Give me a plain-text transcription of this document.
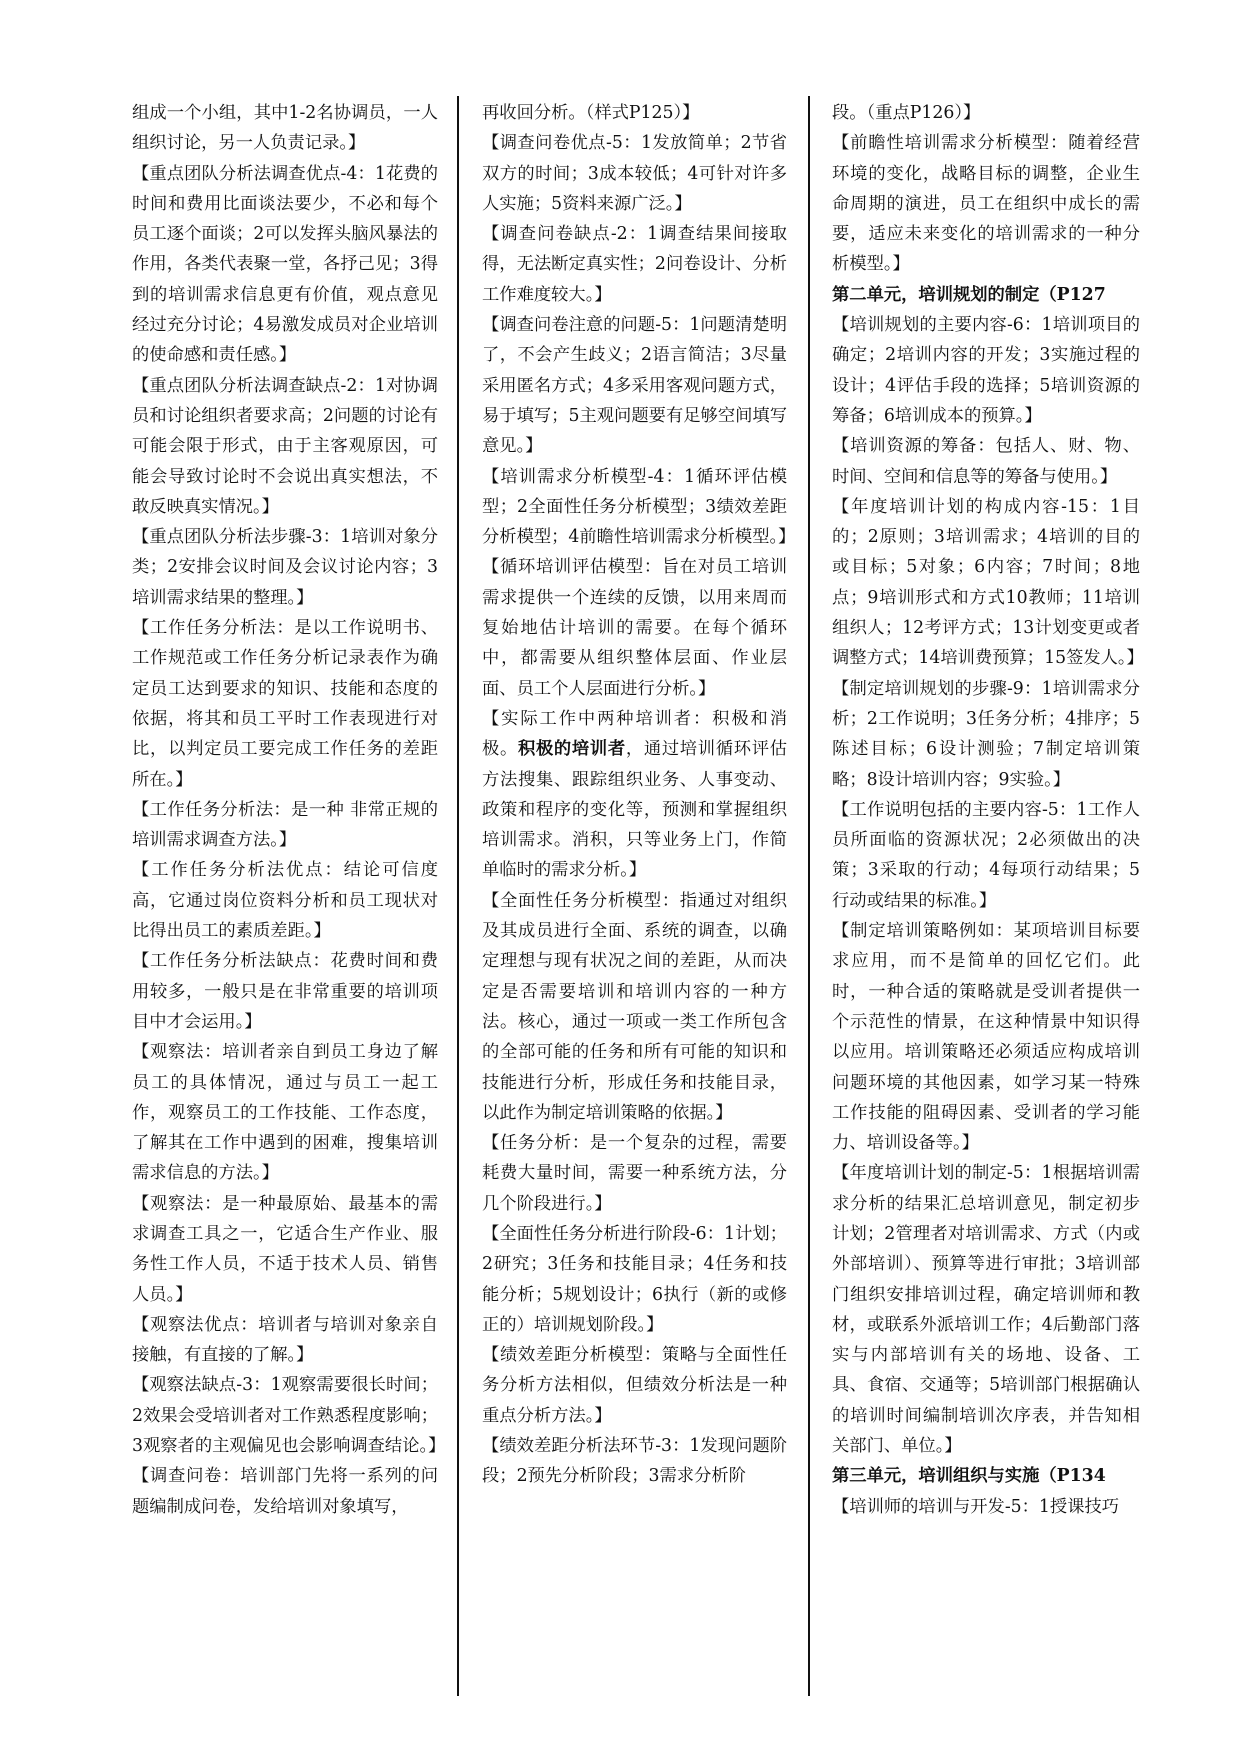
组成一个小组，其中1-2名协调员，一人组织讨论，另一人负责记录。】

【重点团队分析法调查优点-4：1花费的时间和费用比面谈法要少，不必和每个员工逐个面谈；2可以发挥头脑风暴法的作用，各类代表聚一堂，各抒己见；3得到的培训需求信息更有价值，观点意见经过充分讨论；4易激发成员对企业培训的使命感和责任感。】

【重点团队分析法调查缺点-2：1对协调员和讨论组织者要求高；2问题的讨论有可能会限于形式，由于主客观原因，可能会导致讨论时不会说出真实想法，不敢反映真实情况。】

【重点团队分析法步骤-3：1培训对象分类；2安排会议时间及会议讨论内容；3培训需求结果的整理。】

【工作任务分析法：是以工作说明书、工作规范或工作任务分析记录表作为确定员工达到要求的知识、技能和态度的依据，将其和员工平时工作表现进行对比，以判定员工要完成工作任务的差距所在。】

【工作任务分析法：是一种 非常正规的 培训需求调查方法。】

【工作任务分析法优点：结论可信度高，它通过岗位资料分析和员工现状对比得出员工的素质差距。】

【工作任务分析法缺点：花费时间和费用较多，一般只是在非常重要的培训项目中才会运用。】

【观察法：培训者亲自到员工身边了解员工的具体情况，通过与员工一起工作，观察员工的工作技能、工作态度，了解其在工作中遇到的困难，搜集培训需求信息的方法。】

【观察法：是一种最原始、最基本的需求调查工具之一，它适合生产作业、服务性工作人员，不适于技术人员、销售人员。】

【观察法优点：培训者与培训对象亲自接触，有直接的了解。】

【观察法缺点-3：1观察需要很长时间；2效果会受培训者对工作熟悉程度影响；3观察者的主观偏见也会影响调查结论。】

【调查问卷：培训部门先将一系列的问题编制成问卷，发给培训对象填写，

再收回分析。（样式P125）】

【调查问卷优点-5：1发放简单；2节省双方的时间；3成本较低；4可针对许多人实施；5资料来源广泛。】

【调查问卷缺点-2：1调查结果间接取得，无法断定真实性；2问卷设计、分析工作难度较大。】

【调查问卷注意的问题-5：1问题清楚明了，不会产生歧义；2语言简洁；3尽量采用匿名方式；4多采用客观问题方式，易于填写；5主观问题要有足够空间填写意见。】

【培训需求分析模型-4：1循环评估模型；2全面性任务分析模型；3绩效差距分析模型；4前瞻性培训需求分析模型。】

【循环培训评估模型：旨在对员工培训需求提供一个连续的反馈，以用来周而复始地估计培训的需要。在每个循环中，都需要从组织整体层面、作业层面、员工个人层面进行分析。】

【实际工作中两种培训者：积极和消极。积极的培训者，通过培训循环评估方法搜集、跟踪组织业务、人事变动、政策和程序的变化等，预测和掌握组织培训需求。消积，只等业务上门，作简单临时的需求分析。】

【全面性任务分析模型：指通过对组织及其成员进行全面、系统的调查，以确定理想与现有状况之间的差距，从而决定是否需要培训和培训内容的一种方法。核心，通过一项或一类工作所包含的全部可能的任务和所有可能的知识和技能进行分析，形成任务和技能目录，以此作为制定培训策略的依据。】

【任务分析：是一个复杂的过程，需要耗费大量时间，需要一种系统方法，分几个阶段进行。】

【全面性任务分析进行阶段-6：1计划；2研究；3任务和技能目录；4任务和技能分析；5规划设计；6执行（新的或修正的）培训规划阶段。】

【绩效差距分析模型：策略与全面性任务分析方法相似，但绩效分析法是一种重点分析方法。】

【绩效差距分析法环节-3：1发现问题阶段；2预先分析阶段；3需求分析阶

段。（重点P126）】

【前瞻性培训需求分析模型：随着经营环境的变化，战略目标的调整，企业生命周期的演进，员工在组织中成长的需要，适应未来变化的培训需求的一种分析模型。】

第二单元，培训规划的制定（P127

【培训规划的主要内容-6：1培训项目的确定；2培训内容的开发；3实施过程的设计；4评估手段的选择；5培训资源的筹备；6培训成本的预算。】

【培训资源的筹备：包括人、财、物、时间、空间和信息等的筹备与使用。】

【年度培训计划的构成内容-15：1目的；2原则；3培训需求；4培训的目的或目标；5对象；6内容；7时间；8地点；9培训形式和方式10教师；11培训组织人；12考评方式；13计划变更或者调整方式；14培训费预算；15签发人。】

【制定培训规划的步骤-9：1培训需求分析；2工作说明；3任务分析；4排序；5陈述目标；6设计测验；7制定培训策略；8设计培训内容；9实验。】

【工作说明包括的主要内容-5：1工作人员所面临的资源状况；2必须做出的决策；3采取的行动；4每项行动结果；5行动或结果的标准。】

【制定培训策略例如：某项培训目标要求应用，而不是简单的回忆它们。此时，一种合适的策略就是受训者提供一个示范性的情景，在这种情景中知识得以应用。培训策略还必须适应构成培训问题环境的其他因素，如学习某一特殊工作技能的阻碍因素、受训者的学习能力、培训设备等。】

【年度培训计划的制定-5：1根据培训需求分析的结果汇总培训意见，制定初步计划；2管理者对培训需求、方式（内或外部培训）、预算等进行审批；3培训部门组织安排培训过程，确定培训师和教材，或联系外派培训工作；4后勤部门落实与内部培训有关的场地、设备、工具、食宿、交通等；5培训部门根据确认的培训时间编制培训次序表，并告知相关部门、单位。】

第三单元，培训组织与实施（P134

【培训师的培训与开发-5：1授课技巧
